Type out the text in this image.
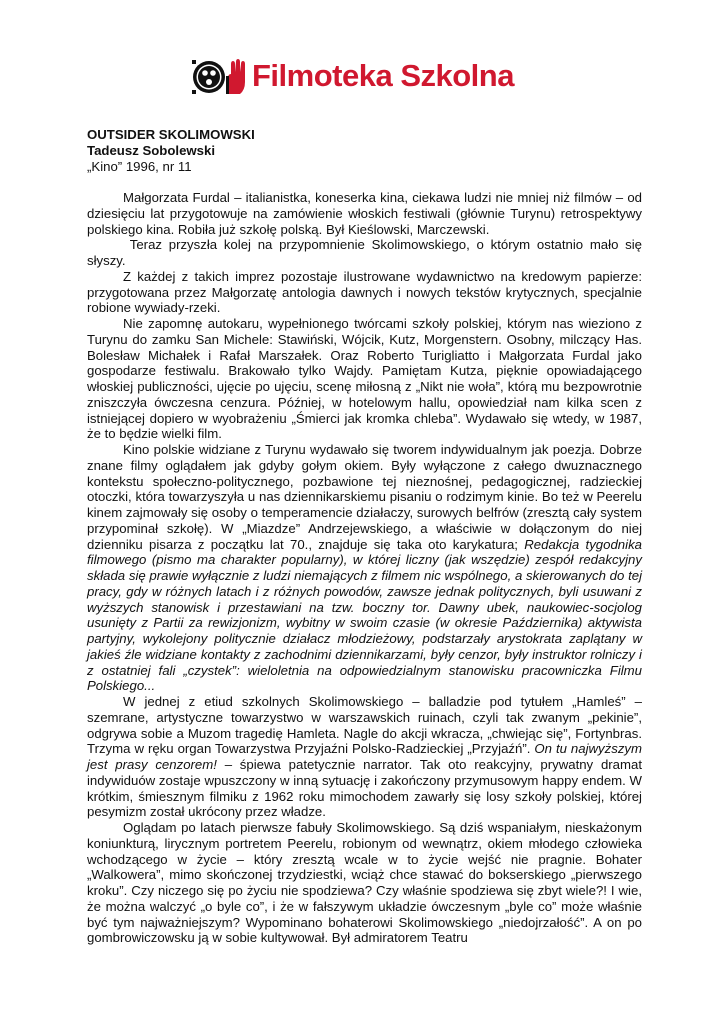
Filmoteka Szkolna
OUTSIDER SKOLIMOWSKI
Tadeusz Sobolewski
„Kino” 1996, nr 11

Małgorzata Furdal – italianistka, koneserka kina, ciekawa ludzi nie mniej niż filmów – od dziesięciu lat przygotowuje na zamówienie włoskich festiwali (głównie Turynu) retrospektywy polskiego kina. Robiła już szkołę polską. Był Kieślowski, Marczewski.

Teraz przyszła kolej na przypomnienie Skolimowskiego, o którym ostatnio mało się słyszy.

Z każdej z takich imprez pozostaje ilustrowane wydawnictwo na kredowym papierze: przygotowana przez Małgorzatę antologia dawnych i nowych tekstów krytycznych, specjalnie robione wywiady-rzeki.

Nie zapomnę autokaru, wypełnionego twórcami szkoły polskiej, którym nas wieziono z Turynu do zamku San Michele: Stawiński, Wójcik, Kutz, Morgenstern. Osobny, milczący Has. Bolesław Michałek i Rafał Marszałek. Oraz Roberto Turigliatto i Małgorzata Furdal jako gospodarze festiwalu. Brakowało tylko Wajdy. Pamiętam Kutza, pięknie opowiadającego włoskiej publiczności, ujęcie po ujęciu, scenę miłosną z „Nikt nie woła”, którą mu bezpowrotnie zniszczyła ówczesna cenzura. Później, w hotelowym hallu, opowiedział nam kilka scen z istniejącej dopiero w wyobrażeniu „Śmierci jak kromka chleba”. Wydawało się wtedy, w 1987, że to będzie wielki film.

Kino polskie widziane z Turynu wydawało się tworem indywidualnym jak poezja. Dobrze znane filmy oglądałem jak gdyby gołym okiem. Były wyłączone z całego dwuznacznego kontekstu społeczno-politycznego, pozbawione tej nieznośnej, pedagogicznej, radzieckiej otoczki, która towarzyszyła u nas dziennikarskiemu pisaniu o rodzimym kinie. Bo też w Peerelu kinem zajmowały się osoby o temperamencie działaczy, surowych belfrów (zresztą cały system przypominał szkołę). W „Miazdze” Andrzejewskiego, a właściwie w dołączonym do niej dzienniku pisarza z początku lat 70., znajduje się taka oto karykatura; Redakcja tygodnika filmowego (pismo ma charakter popularny), w której liczny (jak wszędzie) zespół redakcyjny składa się prawie wyłącznie z ludzi niemających z filmem nic wspólnego, a skierowanych do tej pracy, gdy w różnych latach i z różnych powodów, zawsze jednak politycznych, byli usuwani z wyższych stanowisk i przestawiani na tzw. boczny tor. Dawny ubek, naukowiec-socjolog usunięty z Partii za rewizjonizm, wybitny w swoim czasie (w okresie Października) aktywista partyjny, wykolejony politycznie działacz młodzieżowy, podstarzały arystokrata zaplątany w jakieś źle widziane kontakty z zachodnimi dziennikarzami, były cenzor, były instruktor rolniczy i z ostatniej fali „czystek”: wieloletnia na odpowiedzialnym stanowisku pracowniczka Filmu Polskiego...

W jednej z etiud szkolnych Skolimowskiego – balladzie pod tytułem „Hamleś” – szemrane, artystyczne towarzystwo w warszawskich ruinach, czyli tak zwanym „pekinie”, odgrywa sobie a Muzom tragedię Hamleta. Nagle do akcji wkracza, „chwiejąc się”, Fortynbras. Trzyma w ręku organ Towarzystwa Przyjaźni Polsko-Radzieckiej „Przyjaźń”. On tu najwyższym jest prasy cenzorem! – śpiewa patetycznie narrator. Tak oto reakcyjny, prywatny dramat indywiduów zostaje wpuszczony w inną sytuację i zakończony przymusowym happy endem. W krótkim, śmiesznym filmiku z 1962 roku mimochodem zawarły się losy szkoły polskiej, której pesymizm został ukrócony przez władze.

Oglądam po latach pierwsze fabuły Skolimowskiego. Są dziś wspaniałym, nieskażonym koniunkturą, lirycznym portretem Peerelu, robionym od wewnątrz, okiem młodego człowieka wchodzącego w życie – który zresztą wcale w to życie wejść nie pragnie. Bohater „Walkowera”, mimo skończonej trzydziestki, wciąż chce stawać do bokserskiego „pierwszego kroku”. Czy niczego się po życiu nie spodziewa? Czy właśnie spodziewa się zbyt wiele?! I wie, że można walczyć „o byle co”, i że w fałszywym układzie ówczesnym „byle co” może właśnie być tym najważniejszym? Wypominano bohaterowi Skolimowskiego „niedojrzałość”. A on po gombrowiczowsku ją w sobie kultywował. Był admiratorem Teatru
